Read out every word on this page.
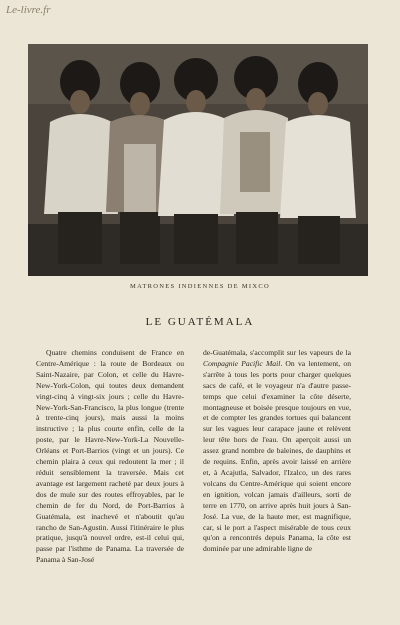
Le-livre.fr
MATRONES INDIENNES DE MIXCO
LE GUATÉMALA

Quatre chemins conduisent de France en Centre-Amérique : la route de Bordeaux ou Saint-Nazaire, par Colon, et celle du Havre-New-York-Colon, qui toutes deux demandent vingt-cinq à vingt-six jours ; celle du Havre-New-York-San-Francisco, la plus longue (trente à trente-cinq jours), mais aussi la moins instructive ; la plus courte enfin, celle de la poste, par le Havre-New-York-La Nouvelle-Orléans et Port-Barrios (vingt et un jours). Ce chemin plaira à ceux qui redoutent la mer ; il réduit sensiblement la traversée. Mais cet avantage est largement racheté par deux jours à dos de mule sur des routes effroyables, par le chemin de fer du Nord, de Port-Barrios à Guatémala, est inachevé et n'aboutit qu'au rancho de San-Agustin. Aussi l'itinéraire le plus pratique, jusqu'à nouvel ordre, est-il celui qui, passe par l'isthme de Panama. La traversée de Panama à San-José

de-Guatémala, s'accomplit sur les vapeurs de la Compagnie Pacific Mail. On va lentement, on s'arrête à tous les ports pour charger quelques sacs de café, et le voyageur n'a d'autre passe-temps que celui d'examiner la côte déserte, montagneuse et boisée presque toujours en vue, et de compter les grandes tortues qui balancent sur les vagues leur carapace jaune et relèvent leur tête hors de l'eau. On aperçoit aussi un assez grand nombre de baleines, de dauphins et de requins. Enfin, après avoir laissé en arrière et, à Acajutla, Salvador, l'Izalco, un des rares volcans du Centre-Amérique qui soient encore en ignition, volcan jamais d'ailleurs, sorti de terre en 1770, on arrive après huit jours à San-José. La vue, de la haute mer, est magnifique, car, si le port a l'aspect misérable de tous ceux qu'on a rencontrés depuis Panama, la côte est dominée par une admirable ligne de
